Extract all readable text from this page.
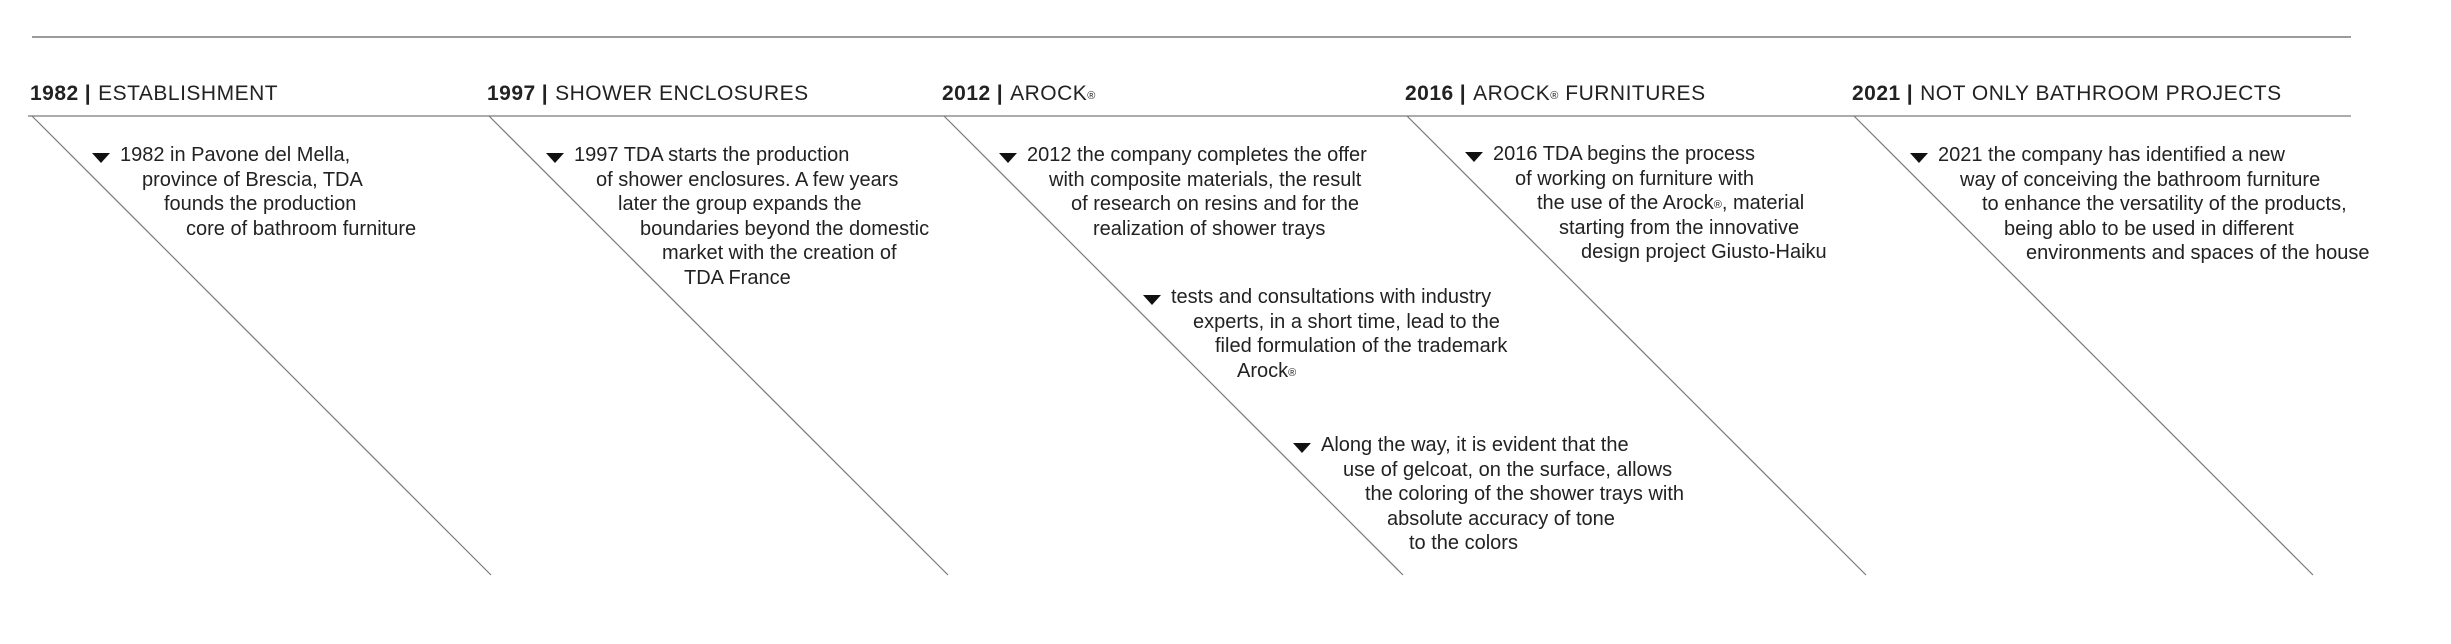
1982 | ESTABLISHMENT	1997 | SHOWER ENCLOSURES	2012 | AROCK®	2016 | AROCK® FURNITURES	2021 | NOT ONLY BATHROOM PROJECTS
1982 in Pavone del Mella,
province of Brescia, TDA
founds the production
core of bathroom furniture
1997 TDA starts the production
of shower enclosures. A few years
later the group expands the
boundaries beyond the domestic
market with the creation of
TDA France
2012 the company completes the offer
with composite materials, the result
of research on resins and for the
realization of shower trays
tests and consultations with industry
experts, in a short time, lead to the
filed formulation of the trademark
Arock®
Along the way, it is evident that the
use of gelcoat, on the surface, allows
the coloring of the shower trays with
absolute accuracy of tone
to the colors
2016 TDA begins the process
of working on furniture with
the use of the Arock®, material
starting from the innovative
design project Giusto-Haiku
2021 the company has identified a new
way of conceiving the bathroom furniture
to enhance the versatility of the products,
being ablo to be used in different
environments and spaces of the house
